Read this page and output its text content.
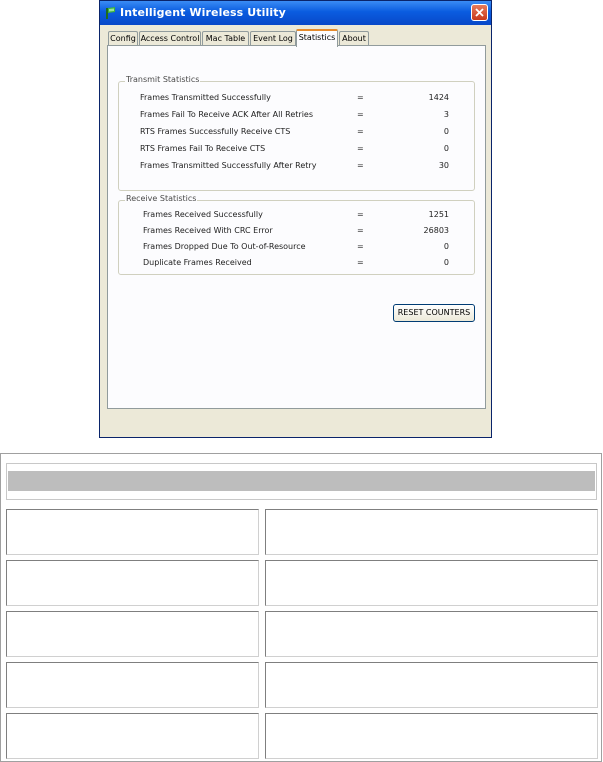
Intelligent Wireless Utility
Config Access Control Mac Table Event Log Statistics About
Transmit Statistics
Frames Transmitted Successfully	=	1424
Frames Fail To Receive ACK After All Retries	=	3
RTS Frames Successfully Receive CTS	=	0
RTS Frames Fail To Receive CTS	=	0
Frames Transmitted Successfully After Retry	=	30
Receive Statistics
Frames Received Successfully	=	1251
Frames Received With CRC Error	=	26803
Frames Dropped Due To Out-of-Resource	=	0
Duplicate Frames Received	=	0
RESET COUNTERS
